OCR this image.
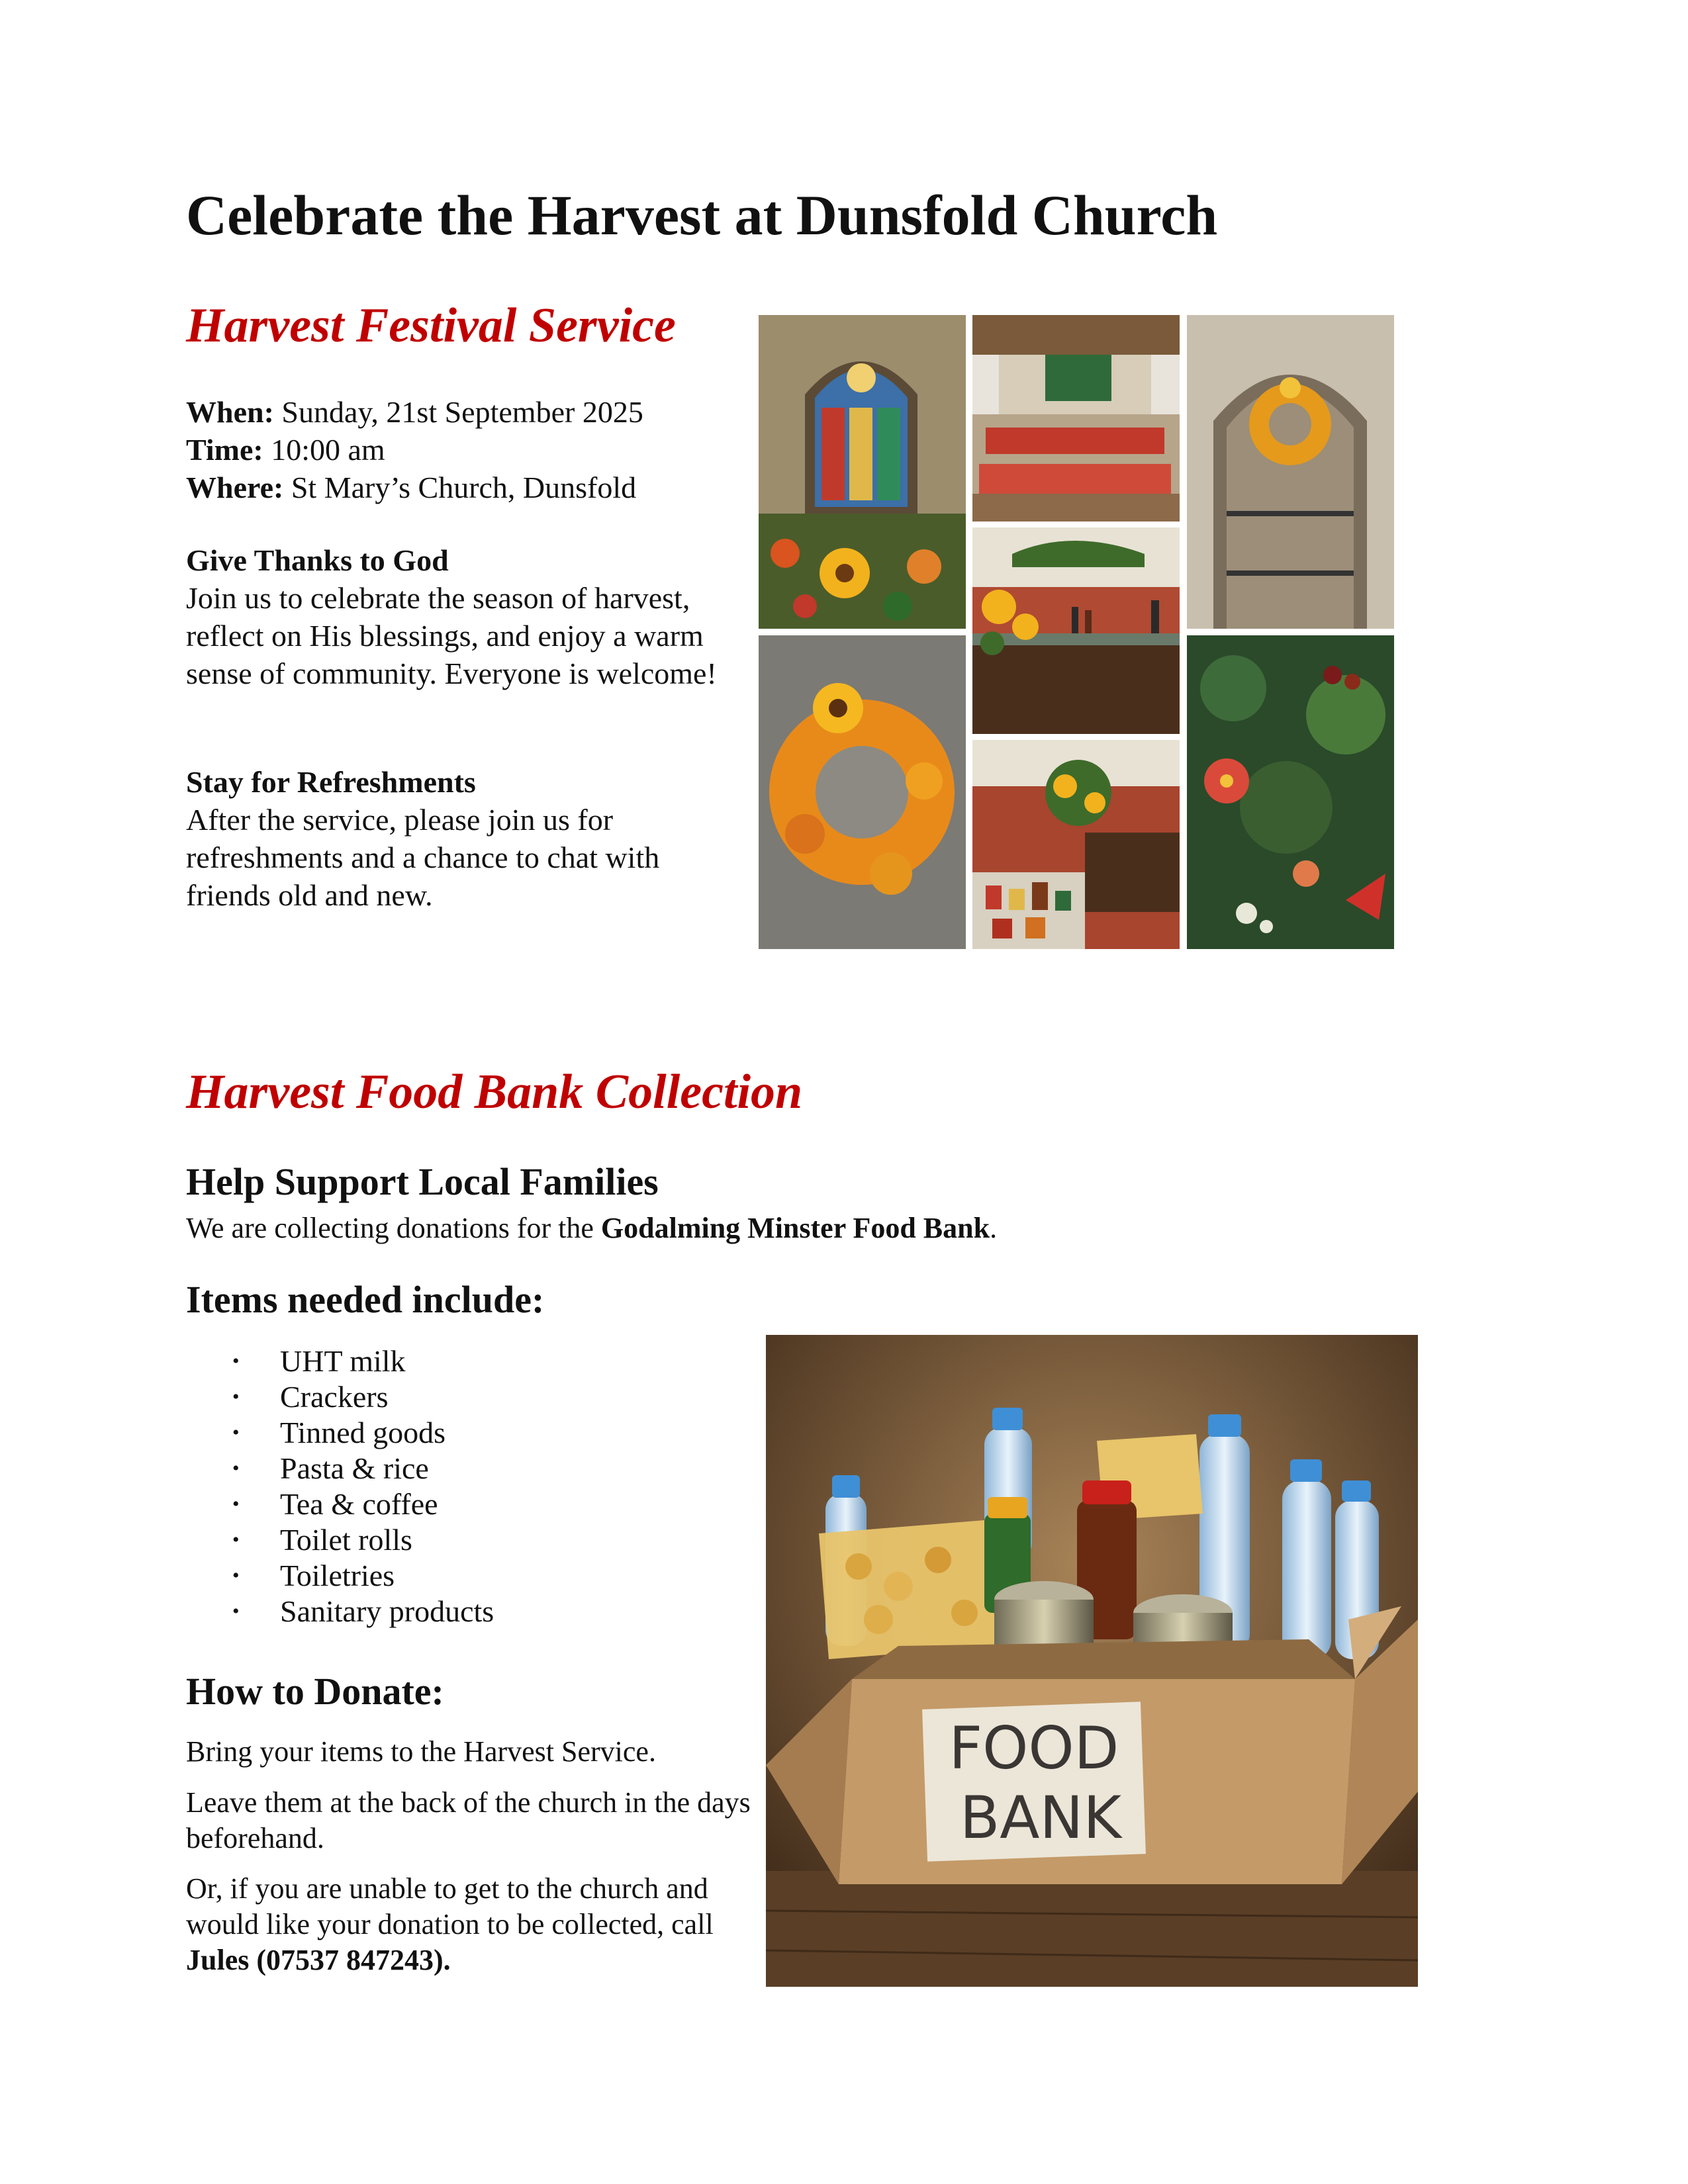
Celebrate the Harvest at Dunsfold Church
Harvest Festival Service
When: Sunday, 21st September 2025
Time: 10:00 am
Where: St Mary’s Church, Dunsfold
Give Thanks to God
Join us to celebrate the season of harvest, reflect on His blessings, and enjoy a warm sense of community. Everyone is welcome!
Stay for Refreshments
After the service, please join us for refreshments and a chance to chat with friends old and new.
Harvest Food Bank Collection
Help Support Local Families
We are collecting donations for the Godalming Minster Food Bank.
Items needed include:
• UHT milk
• Crackers
• Tinned goods
• Pasta & rice
• Tea & coffee
• Toilet rolls
• Toiletries
• Sanitary products
How to Donate:
Bring your items to the Harvest Service.
Leave them at the back of the church in the days beforehand.
Or, if you are unable to get to the church and would like your donation to be collected, call Jules (07537 847243).
FOOD
BANK
